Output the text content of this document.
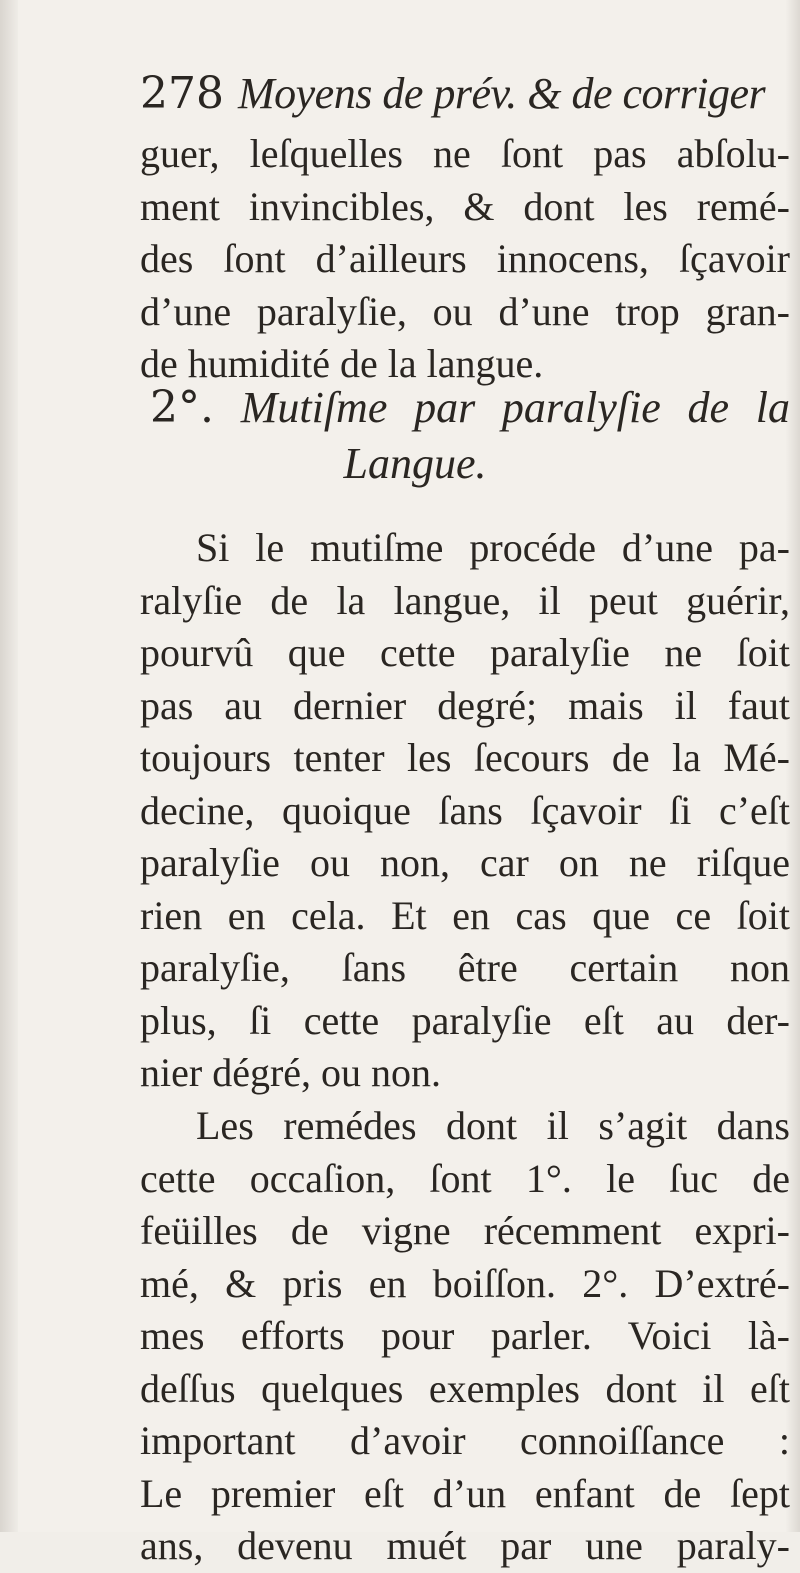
278 Moyens de prév. & de corriger

guer, leſquelles ne ſont pas abſolu-
ment invincibles, & dont les remé-
des ſont d’ailleurs innocens, ſçavoir
d’une paralyſie, ou d’une trop gran-
de humidité de la langue.

2°. Mutiſme par paralyſie de la
Langue.

Si le mutiſme procéde d’une pa-
ralyſie de la langue, il peut guérir,
pourvû que cette paralyſie ne ſoit
pas au dernier degré; mais il faut
toujours tenter les ſecours de la Mé-
decine, quoique ſans ſçavoir ſi c’eſt
paralyſie ou non, car on ne riſque
rien en cela. Et en cas que ce ſoit
paralyſie, ſans être certain non
plus, ſi cette paralyſie eſt au der-
nier dégré, ou non.

Les remédes dont il s’agit dans
cette occaſion, ſont 1°. le ſuc de
feüilles de vigne récemment expri-
mé, & pris en boiſſon. 2°. D’extré-
mes efforts pour parler. Voici là-
deſſus quelques exemples dont il eſt
important d’avoir connoiſſance :
Le premier eſt d’un enfant de ſept
ans, devenu muét par une paraly-
